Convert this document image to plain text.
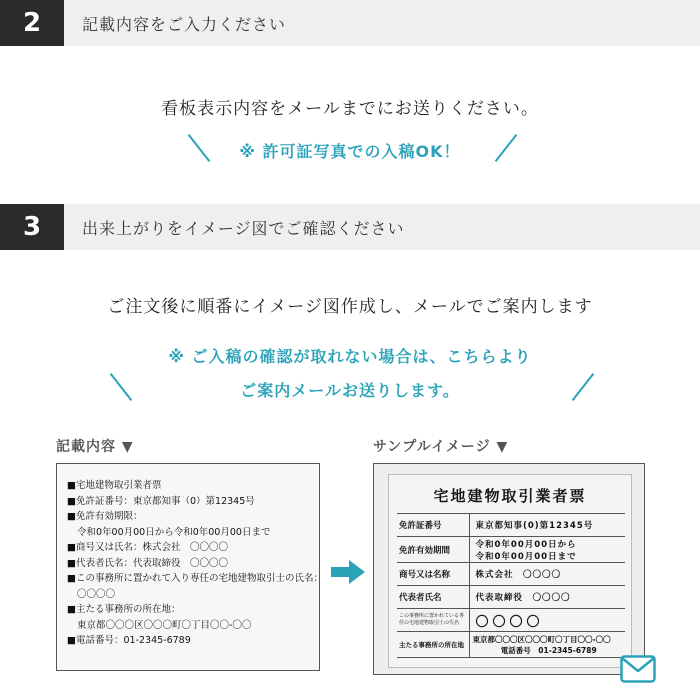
2	記載内容をご入力ください
看板表示内容をメールまでにお送りください。
※ 許可証写真での入稿OK！
3	出来上がりをイメージ図でご確認ください
ご注文後に順番にイメージ図作成し、メールでご案内します
※ ご入稿の確認が取れない場合は、こちらより
ご案内メールお送りします。
記載内容 ▼
■宅地建物取引業者票
■免許証番号：東京都知事（0）第12345号
■免許有効期限：
令和0年00月00日から令和0年00月00日まで
■商号又は氏名：株式会社　〇〇〇〇
■代表者氏名：代表取締役　〇〇〇〇
■この事務所に置かれて入り専任の宅地建物取引士の氏名：
〇〇〇〇
■主たる事務所の所在地：
東京都〇〇〇区〇〇〇町〇丁目〇〇-〇〇
■電話番号：01-2345-6789
サンプルイメージ ▼
宅地建物取引業者票
免許証番号	東京都知事(0)第12345号
免許有効期間	令和0年00月00日から
令和0年00月00日まで

商号又は名称	株式会社　〇〇〇〇
代表者氏名	代表取締役　〇〇〇〇
この事務所に置かれている専任の宅地建物取引士の氏名	〇〇〇〇
主たる事務所の所在地	東京都〇〇〇区〇〇〇町〇丁目〇〇-〇〇
電話番号　01-2345-6789
